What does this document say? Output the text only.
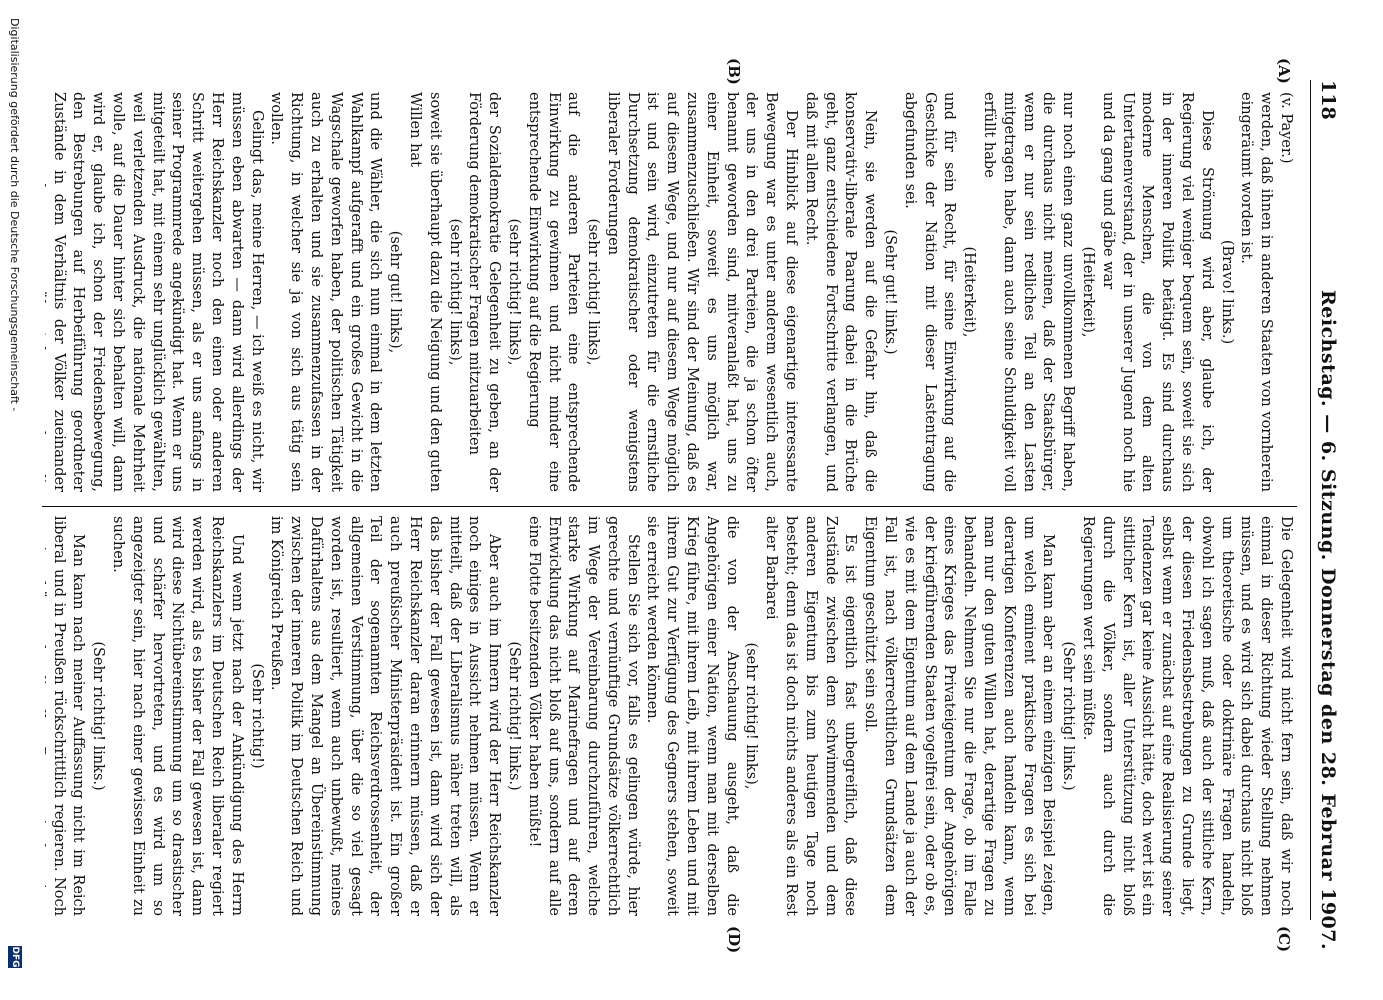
118
Reichstag. — 6. Sitzung. Donnerstag den 28. Februar 1907.
(A)
(B)
(C)
(D)

(v. Payer.)

werden, daß ihnen in anderen Staaten von vornherein eingeräumt worden ist.

(Bravo! links.)

Diese Strömung wird aber, glaube ich, der Regierung viel weniger bequem sein, soweit sie sich in der inneren Politik betätigt. Es sind durchaus moderne Menschen, die von dem alten Untertanenverstand, der in unserer Jugend noch hie und da gang und gäbe war

(Heiterkeit),

nur noch einen ganz unvollkommenen Begriff haben, die durchaus nicht meinen, daß der Staatsbürger, wenn er nur sein redliches Teil an den Lasten mitgetragen habe, dann auch seine Schuldigkeit voll erfüllt habe

(Heiterkeit),

und für sein Recht, für seine Einwirkung auf die Geschicke der Nation mit dieser Lastentragung abgefunden sei.

(Sehr gut! links.)

Nein, sie werden auf die Gefahr hin, daß die konservativ-liberale Paarung dabei in die Brüche geht, ganz entschiedene Fortschritte verlangen, und daß mit allem Recht.

Der Hinblick auf diese eigenartige interessante Bewegung war es unter anderem wesentlich auch, der uns in den drei Parteien, die ja schon öfter benannt geworden sind, mitveranlaßt hat, uns zu einer Einheit, soweit es uns möglich war, zusammenzuschließen. Wir sind der Meinung, daß es auf diesem Wege, und nur auf diesem Wege möglich ist und sein wird, einzutreten für die ernstliche Durchsetzung demokratischer oder wenigstens liberaler Forderungen

(sehr richtig! links),

auf die anderen Parteien eine entsprechende Einwirkung zu gewinnen und nicht minder eine entsprechende Einwirkung auf die Regierung

(sehr richtig! links),

der Sozialdemokratie Gelegenheit zu geben, an der Förderung demokratischer Fragen mitzuarbeiten

(sehr richtig! links),

soweit sie überhaupt dazu die Neigung und den guten Willen hat

(sehr gut! links),

und die Wähler, die sich nun einmal in dem letzten Wahlkampf aufgerafft und ein großes Gewicht in die Wagschale geworfen haben, der politischen Tätigkeit auch zu erhalten und sie zusammenzufassen in der Richtung, in welcher sie ja von sich aus tätig sein wollen.

Gelingt das, meine Herren, — ich weiß es nicht, wir müssen eben abwarten — dann wird allerdings der Herr Reichskanzler noch den einen oder anderen Schritt weitergehen müssen, als er uns anfangs in seiner Programmrede angekündigt hat. Wenn er uns mitgeteilt hat, mit einem sehr unglücklich gewählten, weil verletzenden Ausdruck, die nationale Mehrheit wolle, auf die Dauer hinter sich behalten will, dann wird er, glaube ich, schon der Friedensbewegung, den Bestrebungen auf Herbeiführung geordneter Zustände in dem Verhältnis der Völker zueinander

Die Gelegenheit wird nicht fern sein, daß wir noch einmal in dieser Richtung wieder Stellung nehmen müssen, und es wird sich dabei durchaus nicht bloß um theoretische oder doktrinäre Fragen handeln, obwohl ich sagen muß, daß auch der sittliche Kern, der diesen Friedensbestrebungen zu Grunde liegt, selbst wenn er zunächst auf eine Realisierung seiner Tendenzen gar keine Aussicht hätte, doch wert ist ein sittlicher Kern ist, aller Unterstützung nicht bloß durch die Völker, sondern auch durch die Regierungen wert sein müßte.

(Sehr richtig! links.)

Man kann aber an einem einzigen Beispiel zeigen, um welch eminent praktische Fragen es sich bei derartigen Konferenzen auch handeln kann, wenn man nur den guten Willen hat, derartige Fragen zu behandeln. Nehmen Sie nur die Frage, ob im Falle eines Krieges das Privateigentum der Angehörigen der kriegführenden Staaten vogelfrei sein, oder ob es, wie es mit dem Eigentum auf dem Lande ja auch der Fall ist, nach völkerrechtlichen Grundsätzen dem Eigentum geschützt sein soll.

Es ist eigentlich fast unbegreiflich, daß diese Zustände zwischen dem schwimmenden und dem anderen Eigentum bis zum heutigen Tage noch besteht; denn das ist doch nichts anderes als ein Rest alter Barbarei

(sehr richtig! links),

die von der Anschauung ausgeht, daß die Angehörigen einer Nation, wenn man mit derselben Krieg führe, mit ihrem Leib, mit ihrem Leben und mit ihrem Gut zur Verfügung des Gegners stehen, soweit sie erreicht werden können.

Stellen Sie sich vor, falls es gelingen würde, hier gerechte und vernünftige Grundsätze völkerrechtlich im Wege der Vereinbarung durchzuführen, welche starke Wirkung auf Marinefragen und auf deren Entwicklung das nicht bloß auf uns, sondern auf alle eine Flotte besitzenden Völker haben müßte!

(Sehr richtig! links.)

Aber auch im Innern wird der Herr Reichskanzler noch einiges in Aussicht nehmen müssen. Wenn er mitteilt, daß der Liberalismus näher treten will, als das bisher der Fall gewesen ist, dann wird sich der Herr Reichskanzler daran erinnern müssen, daß er auch preußischer Ministerpräsident ist. Ein großer Teil der sogenannten Reichsverdrossenheit, der allgemeinen Verstimmung, über die so viel gesagt worden ist, resultiert, wenn auch unbewußt, meines Dafürhaltens aus dem Mangel an Übereinstimmung zwischen der inneren Politik im Deutschen Reich und im Königreich Preußen.

(Sehr richtig!)

Und wenn jetzt nach der Ankündigung des Herrn Reichskanzlers im Deutschen Reich liberaler regiert werden wird, als es bisher der Fall gewesen ist, dann wird diese Nichtübereinstimmung um so drastischer und schärfer hervortreten, und es wird um so angezeigter sein, hier nach einer gewissen Einheit zu suchen.

(Sehr richtig! links.)

Man kann nach meiner Auffassung nicht im Reich liberal und in Preußen rückschrittlich regieren. Noch

Digitalisierung gefördert durch die Deutsche Forschungsgemeinschaft -
DFG
